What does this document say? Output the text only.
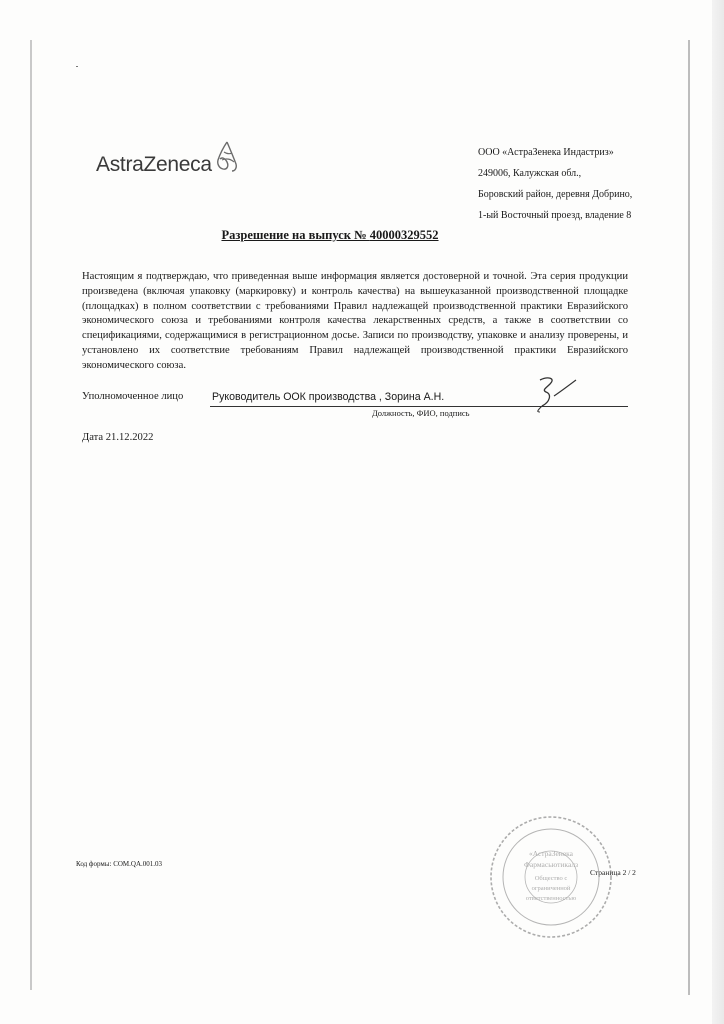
AstraZeneca	ООО «АстраЗенека Индастриз»
249006, Калужская обл.,
Боровский район, деревня Добрино,
1-ый Восточный проезд, владение 8
Разрешение на выпуск № 40000329552
Настоящим я подтверждаю, что приведенная выше информация является достоверной и точной. Эта серия продукции произведена (включая упаковку (маркировку) и контроль качества) на вышеуказанной производственной площадке (площадках) в полном соответствии с требованиями Правил надлежащей производственной практики Евразийского экономического союза и требованиями контроля качества лекарственных средств, а также в соответствии со спецификациями, содержащимися в регистрационном досье. Записи по производству, упаковке и анализу проверены, и установлено их соответствие требованиям Правил надлежащей производственной практики Евразийского экономического союза.
Уполномоченное лицо	Руководитель ООК производства , Зорина А.Н.
Должность, ФИО, подпись
Дата 21.12.2022
Код формы: COM.QA.001.03
Страница 2 / 2
«АстраЗенека
Фармасьютикалз
Общество с
ограниченной
ответственностью
